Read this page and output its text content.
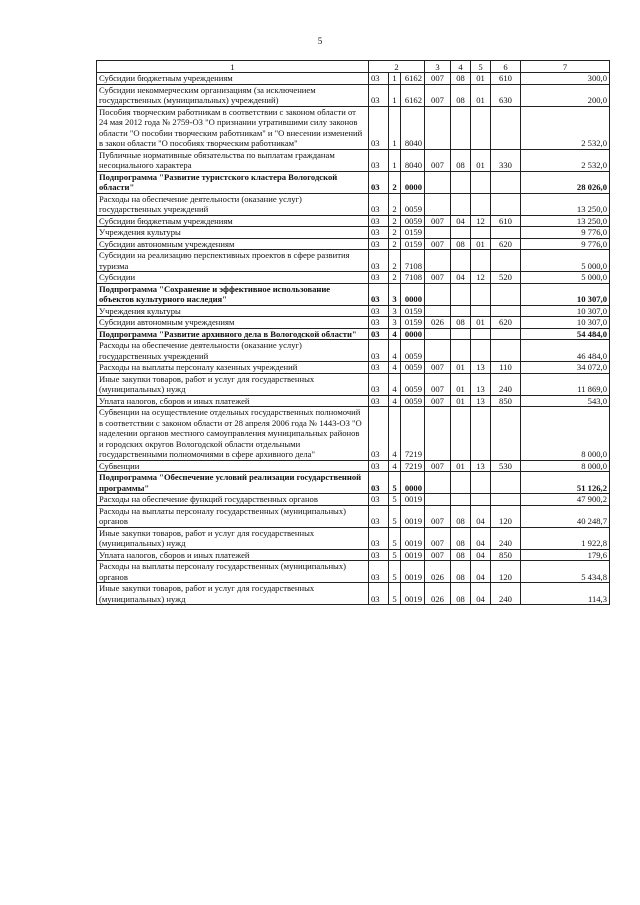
5
1	2			3	4	5	6	7
Субсидии бюджетным учреждениям	03	1	6162	007	08	01	610	300,0
Субсидии некоммерческим организациям (за исключением государственных (муниципальных) учреждений)	03	1	6162	007	08	01	630	200,0
Пособия творческим работникам в соответствии с законом области от 24 мая 2012 года № 2759-ОЗ "О признании утратившими силу законов области "О пособии творческим работникам" и "О внесении изменений в закон области "О пособиях творческим работникам"	03	1	8040					2 532,0
Публичные нормативные обязательства по выплатам гражданам несоциального характера	03	1	8040	007	08	01	330	2 532,0
Подпрограмма "Развитие туристского кластера Вологодской области"	03	2	0000					28 026,0
Расходы на обеспечение деятельности (оказание услуг) государственных учреждений	03	2	0059					13 250,0
Субсидии бюджетным учреждениям	03	2	0059	007	04	12	610	13 250,0
Учреждения культуры	03	2	0159					9 776,0
Субсидии автономным учреждениям	03	2	0159	007	08	01	620	9 776,0
Субсидии на реализацию перспективных проектов в сфере развития туризма	03	2	7108					5 000,0
Субсидии	03	2	7108	007	04	12	520	5 000,0
Подпрограмма "Сохранение и эффективное использование объектов культурного наследия"	03	3	0000					10 307,0
Учреждения культуры	03	3	0159					10 307,0
Субсидии автономным учреждениям	03	3	0159	026	08	01	620	10 307,0
Подпрограмма "Развитие архивного дела в Вологодской области"	03	4	0000					54 484,0
Расходы на обеспечение деятельности (оказание услуг) государственных учреждений	03	4	0059					46 484,0
Расходы на выплаты персоналу казенных учреждений	03	4	0059	007	01	13	110	34 072,0
Иные закупки товаров, работ и услуг для государственных (муниципальных) нужд	03	4	0059	007	01	13	240	11 869,0
Уплата налогов, сборов и иных платежей	03	4	0059	007	01	13	850	543,0
Субвенции на осуществление отдельных государственных полномочий в соответствии с законом области от 28 апреля 2006 года № 1443-ОЗ "О наделении органов местного самоуправления муниципальных районов и городских округов Вологодской области отдельными государственными полномочиями в сфере архивного дела"	03	4	7219					8 000,0
Субвенции	03	4	7219	007	01	13	530	8 000,0
Подпрограмма "Обеспечение условий реализации государственной программы"	03	5	0000					51 126,2
Расходы на обеспечение функций государственных органов	03	5	0019					47 900,2
Расходы на выплаты персоналу государственных (муниципальных) органов	03	5	0019	007	08	04	120	40 248,7
Иные закупки товаров, работ и услуг для государственных (муниципальных) нужд	03	5	0019	007	08	04	240	1 922,8
Уплата налогов, сборов и иных платежей	03	5	0019	007	08	04	850	179,6
Расходы на выплаты персоналу государственных (муниципальных) органов	03	5	0019	026	08	04	120	5 434,8
Иные закупки товаров, работ и услуг для государственных (муниципальных) нужд	03	5	0019	026	08	04	240	114,3
